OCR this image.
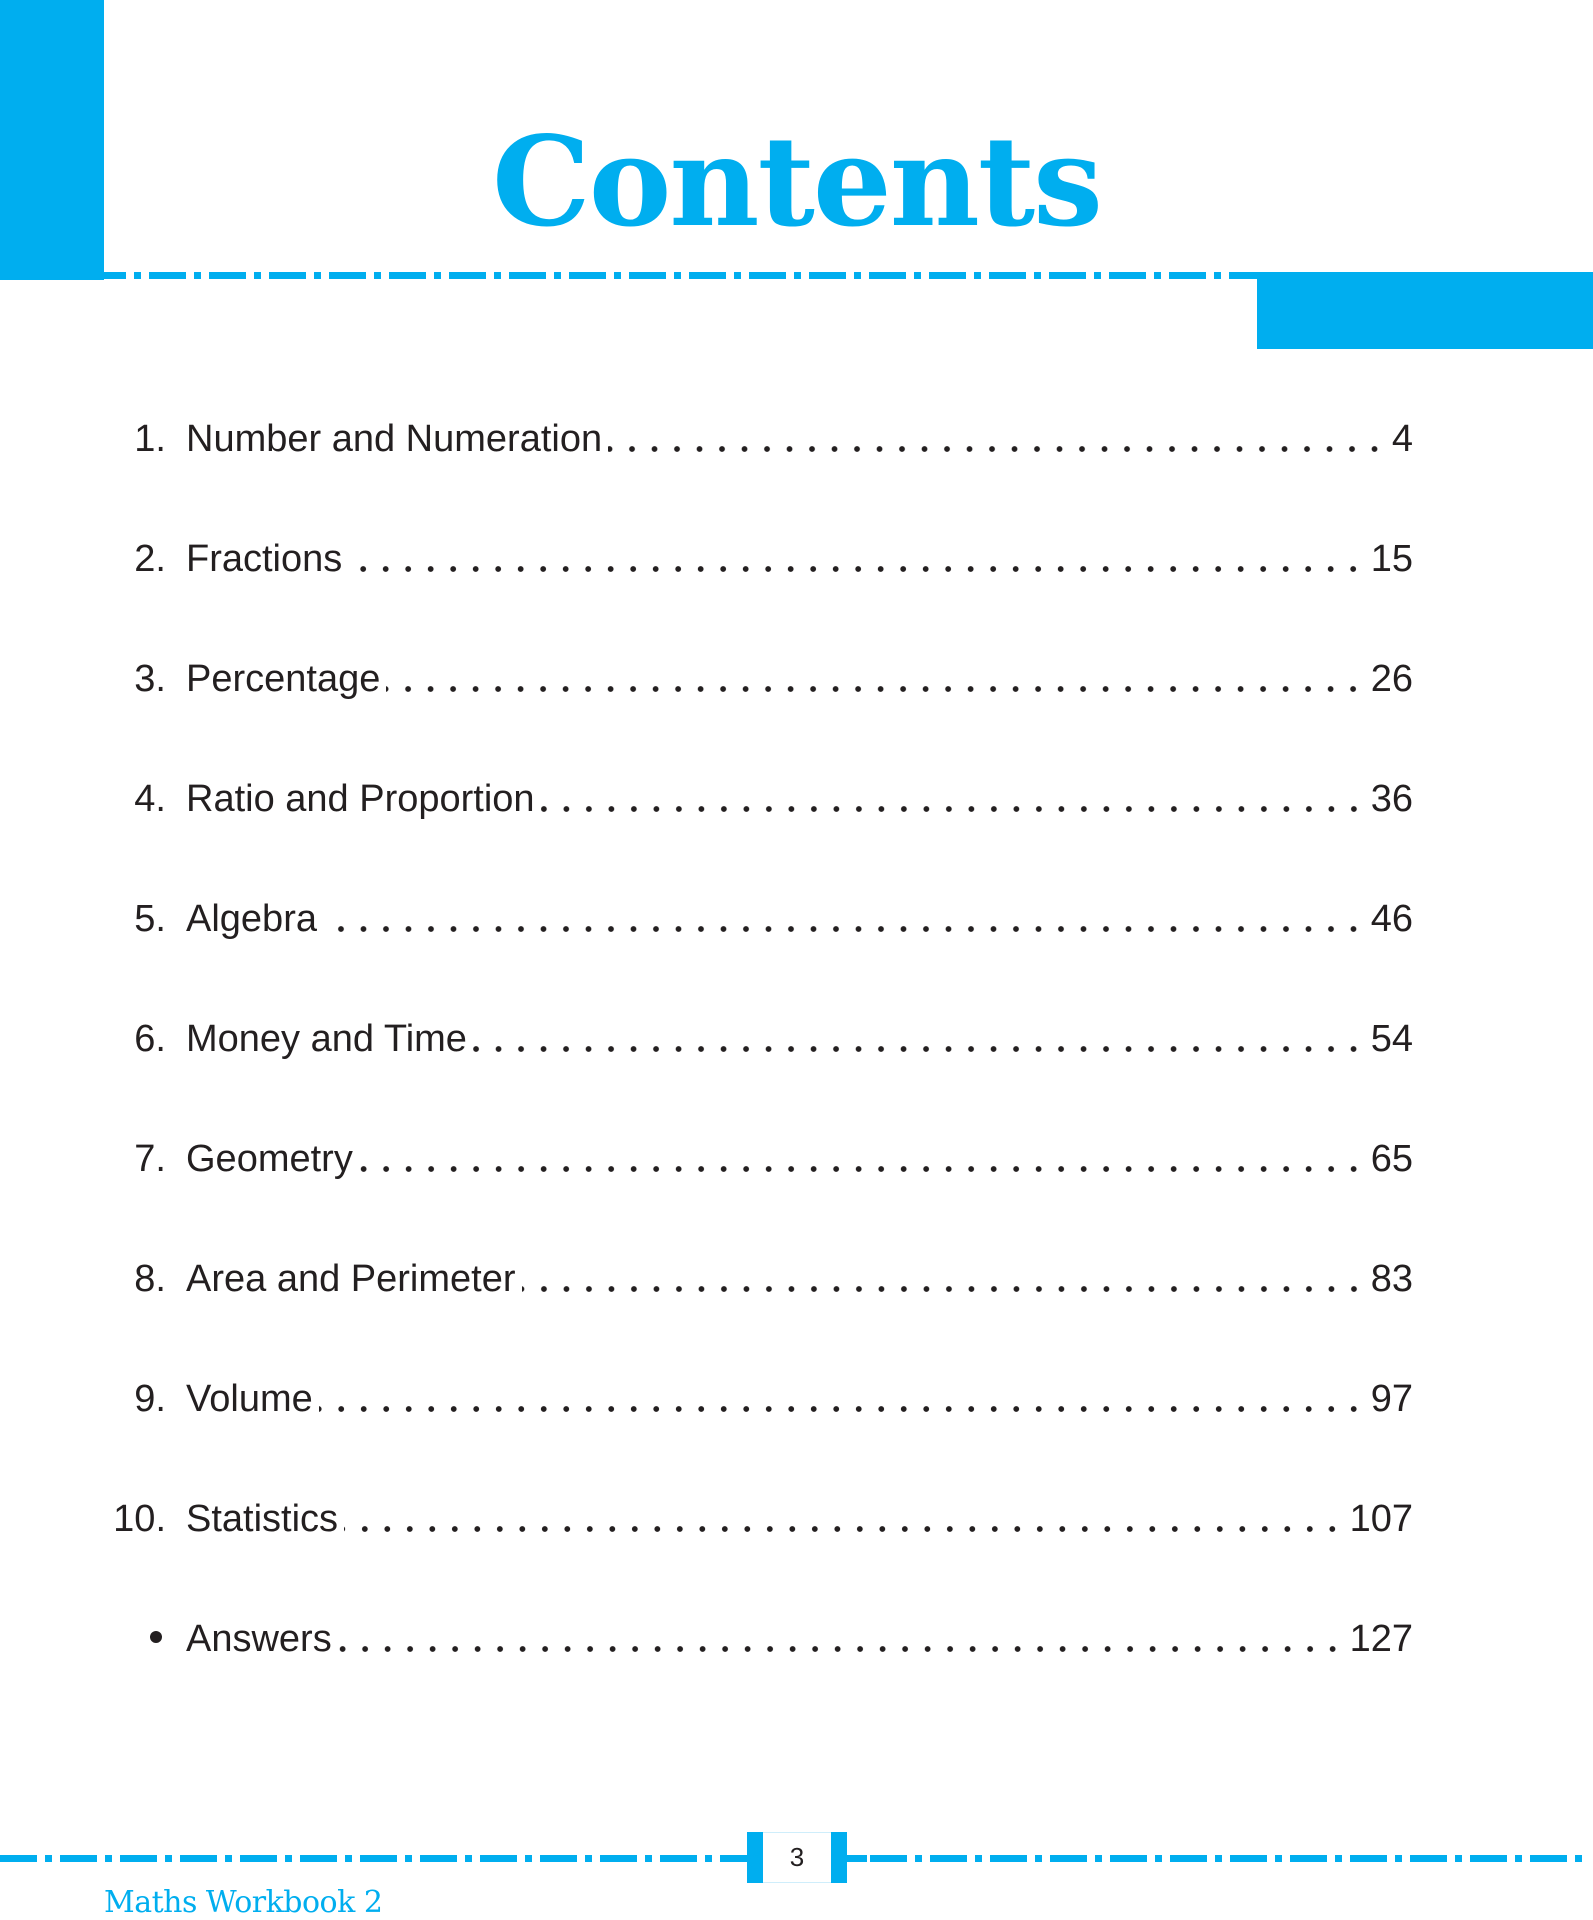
Contents
1. Number and Numeration	4
2. Fractions	15
3. Percentage	26
4. Ratio and Proportion	36
5. Algebra	46
6. Money and Time	54
7. Geometry	65
8. Area and Perimeter	83
9. Volume	97
10. Statistics	107
Answers	127
3
Maths Workbook 2
